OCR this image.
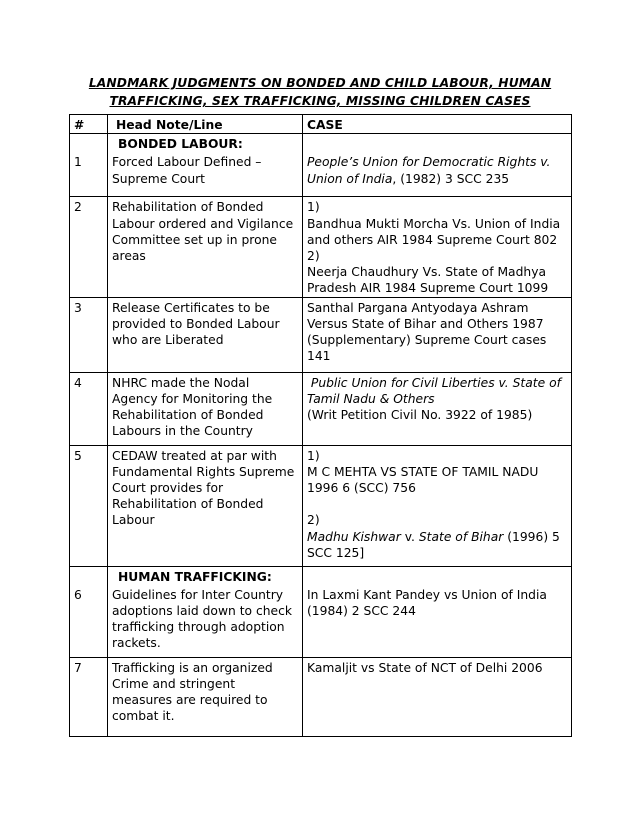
LANDMARK JUDGMENTS ON BONDED AND CHILD LABOUR, HUMAN
TRAFFICKING, SEX TRAFFICKING, MISSING CHILDREN CASES
#	Head Note/Line	CASE
	BONDED LABOUR:	
1	Forced Labour Defined – Supreme Court	People’s Union for Democratic Rights v. Union of India, (1982) 3 SCC 235
2	Rehabilitation of Bonded Labour ordered and Vigilance Committee set up in prone areas	1)
Bandhua Mukti Morcha Vs. Union of India and others AIR 1984 Supreme Court 802
2)
Neerja Chaudhury Vs. State of Madhya Pradesh AIR 1984 Supreme Court 1099

3	Release Certificates to be provided to Bonded Labour who are Liberated	Santhal Pargana Antyodaya Ashram Versus State of Bihar and Others 1987 (Supplementary) Supreme Court cases 141
4	NHRC made the Nodal Agency for Monitoring the Rehabilitation of Bonded Labours in the Country	Public Union for Civil Liberties v. State of Tamil Nadu & Others
(Writ Petition Civil No. 3922 of 1985)

5	CEDAW treated at par with Fundamental Rights Supreme Court provides for Rehabilitation of Bonded Labour	1)
M C MEHTA VS STATE OF TAMIL NADU 1996 6 (SCC) 756

2)
Madhu Kishwar v. State of Bihar (1996) 5 SCC 125]

	HUMAN TRAFFICKING:	
6	Guidelines for Inter Country adoptions laid down to check trafficking through adoption rackets.	In Laxmi Kant Pandey vs Union of India (1984) 2 SCC 244
7	Trafficking is an organized Crime and stringent measures are required to combat it.	Kamaljit vs State of NCT of Delhi 2006
